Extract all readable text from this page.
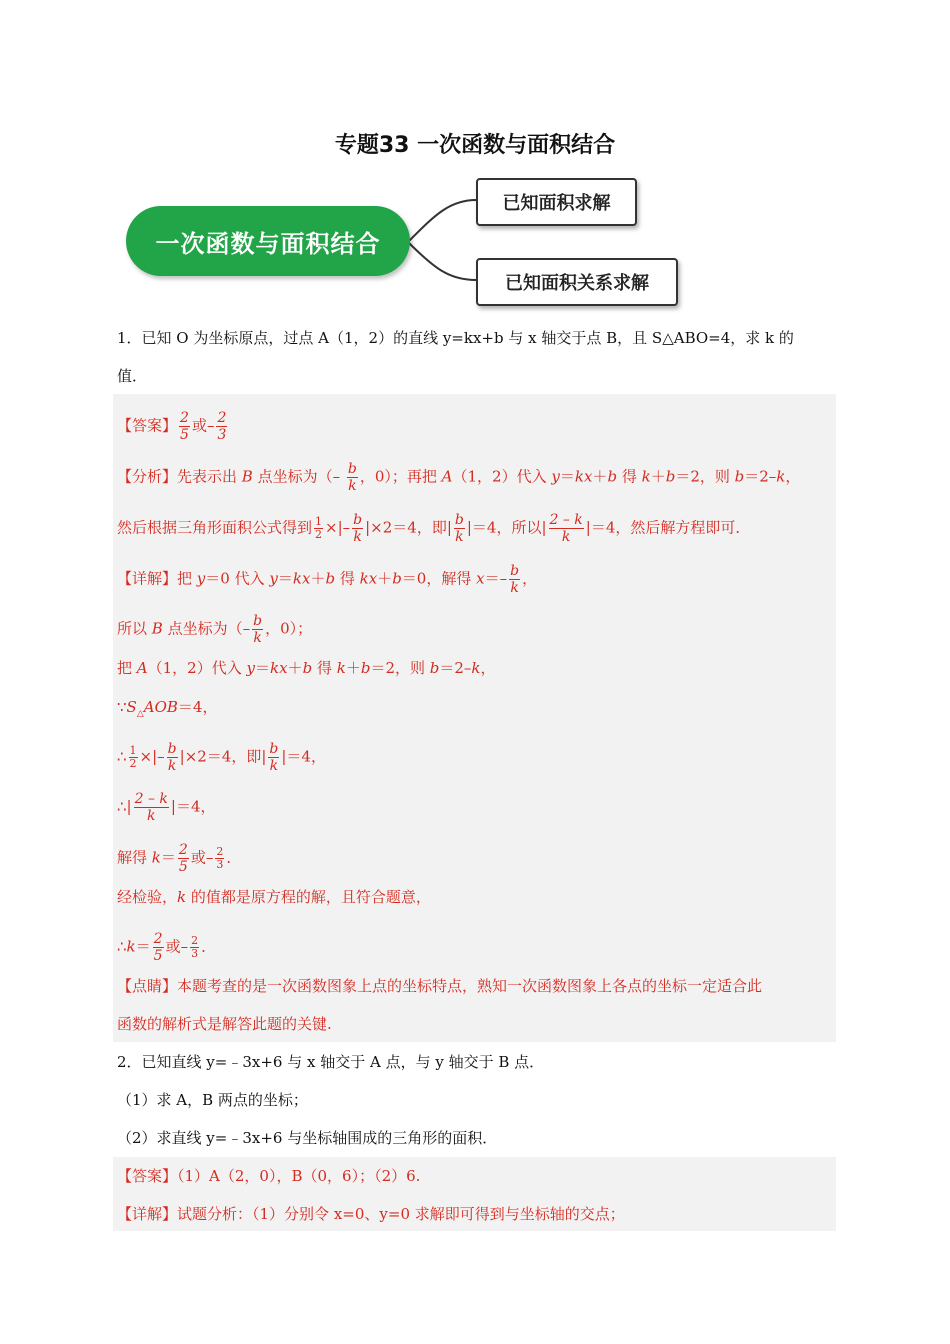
专题33 一次函数与面积结合
一次函数与面积结合
已知面积求解
已知面积关系求解
1．已知 O 为坐标原点，过点 A（1，2）的直线 y=kx+b 与 x 轴交于点 B，且 S△ABO=4，求 k 的
值．
【答案】 $\frac{2}{5}$ 或– $\frac{2}{3}$
【分析】先表示出 B 点坐标为（– $\frac{b}{k}$ ，0）；再把 A（1，2）代入 y＝kx＋b 得 k＋b＝2，则 b＝2–k，
然后根据三角形面积公式得到 $\frac{1}{2}$ ×|– $\frac{b}{k} |\times 2=4$，即| $\frac{b}{k} |=4$，所以| $\frac{2 - k}{k} |=4$，然后解方程即可．
【详解】把 y＝0 代入 y＝kx＋b 得 kx＋b＝0，解得 $x=- \frac{b}{k}$ ，
所以 B 点坐标为（– $\frac{b}{k}$ ，0）；
把 A（1，2）代入 y＝kx＋b 得 k＋b＝2，则 b＝2–k，
$\because S_\triangle AOB=4$，
∴ $\frac{1}{2}$ ×|– $\frac{b}{k} |\times 2=4$，即| $\frac{b}{k} |=4$，
∴| $\frac{2 - k}{k} |=4$，
解得 $k= \frac{2}{5}$ 或– $\frac{2}{3}$ ．
经检验，k 的值都是原方程的解，且符合题意，
∴k＝ $\frac{2}{5}$ 或– $\frac{2}{3}$ ．
【点睛】本题考查的是一次函数图象上点的坐标特点，熟知一次函数图象上各点的坐标一定适合此
函数的解析式是解答此题的关键.
2．已知直线 y=﹣3x+6 与 x 轴交于 A 点，与 y 轴交于 B 点．
（1）求 A，B 两点的坐标；
（2）求直线 y=﹣3x+6 与坐标轴围成的三角形的面积．
【答案】（1）A（2，0），B（0，6）；（2）6.
【详解】试题分析：（1）分别令 x=0、y=0 求解即可得到与坐标轴的交点；
